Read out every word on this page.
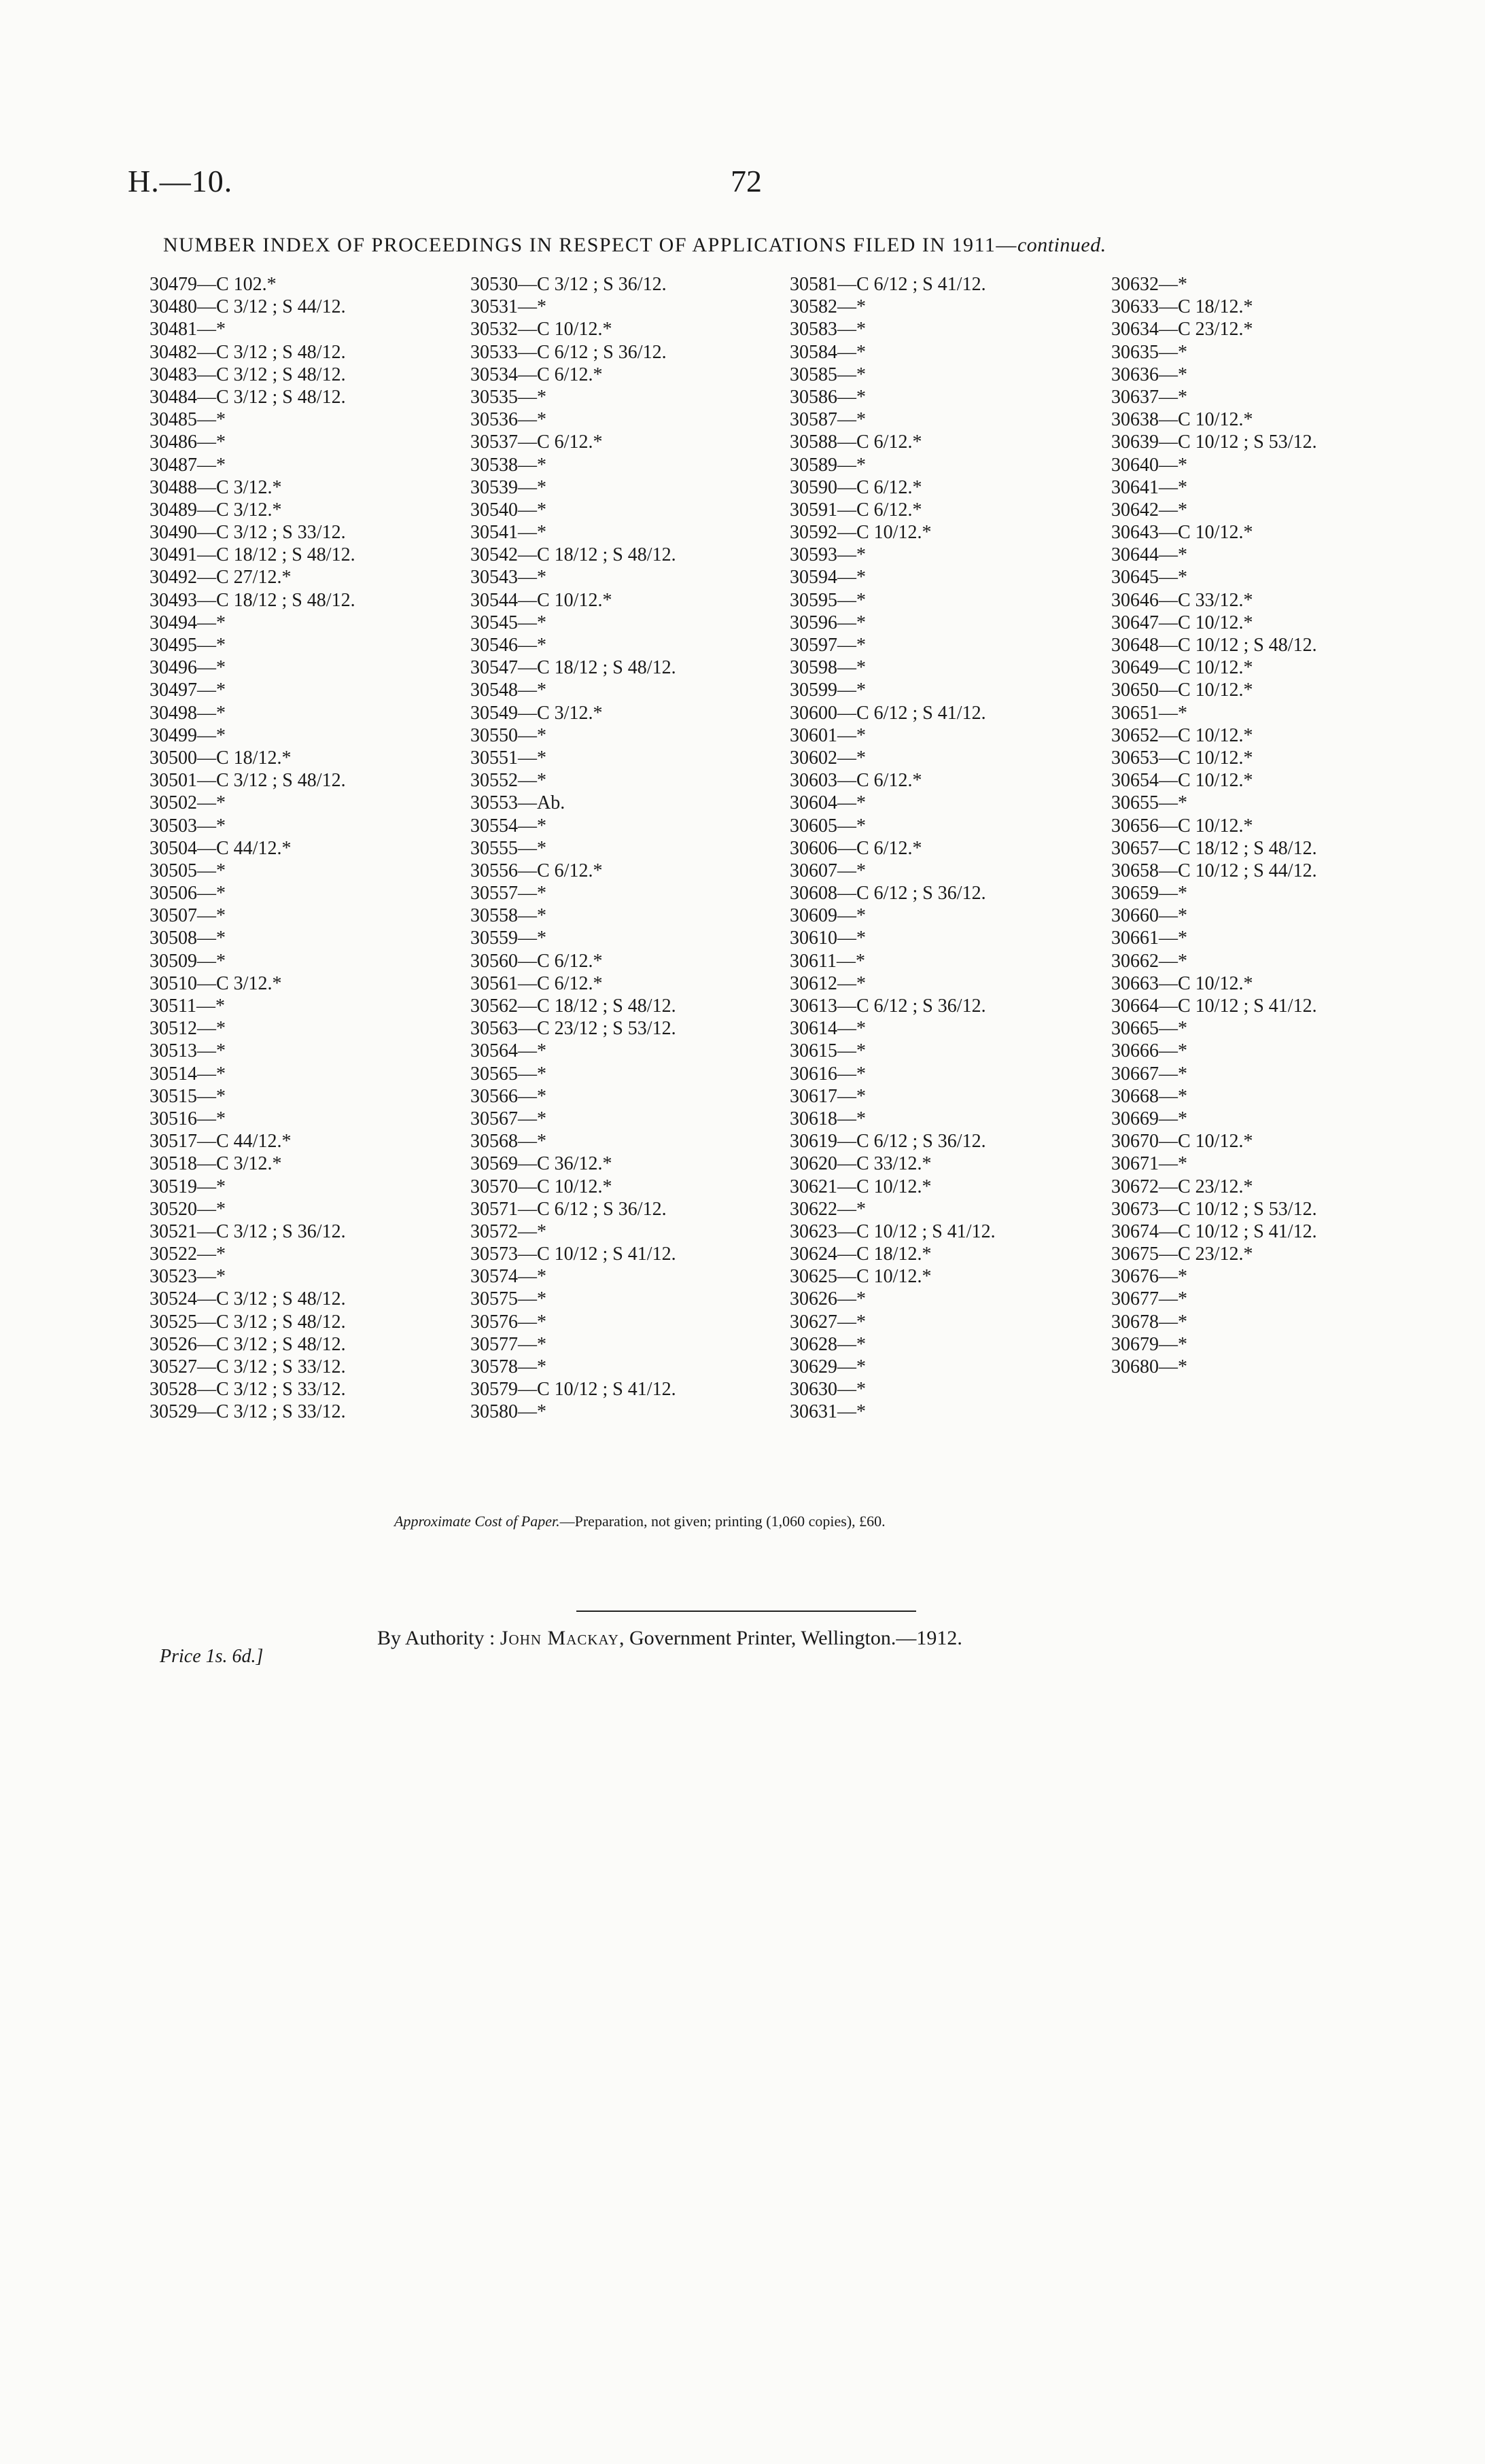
H.—10.	72
NUMBER INDEX OF PROCEEDINGS IN RESPECT OF APPLICATIONS FILED IN 1911—continued.
30479—C 102.*
30480—C 3/12 ; S 44/12.
30481—*
30482—C 3/12 ; S 48/12.
30483—C 3/12 ; S 48/12.
30484—C 3/12 ; S 48/12.
30485—*
30486—*
30487—*
30488—C 3/12.*
30489—C 3/12.*
30490—C 3/12 ; S 33/12.
30491—C 18/12 ; S 48/12.
30492—C 27/12.*
30493—C 18/12 ; S 48/12.
30494—*
30495—*
30496—*
30497—*
30498—*
30499—*
30500—C 18/12.*
30501—C 3/12 ; S 48/12.
30502—*
30503—*
30504—C 44/12.*
30505—*
30506—*
30507—*
30508—*
30509—*
30510—C 3/12.*
30511—*
30512—*
30513—*
30514—*
30515—*
30516—*
30517—C 44/12.*
30518—C 3/12.*
30519—*
30520—*
30521—C 3/12 ; S 36/12.
30522—*
30523—*
30524—C 3/12 ; S 48/12.
30525—C 3/12 ; S 48/12.
30526—C 3/12 ; S 48/12.
30527—C 3/12 ; S 33/12.
30528—C 3/12 ; S 33/12.
30529—C 3/12 ; S 33/12.
30530—C 3/12 ; S 36/12.
30531—*
30532—C 10/12.*
30533—C 6/12 ; S 36/12.
30534—C 6/12.*
30535—*
30536—*
30537—C 6/12.*
30538—*
30539—*
30540—*
30541—*
30542—C 18/12 ; S 48/12.
30543—*
30544—C 10/12.*
30545—*
30546—*
30547—C 18/12 ; S 48/12.
30548—*
30549—C 3/12.*
30550—*
30551—*
30552—*
30553—Ab.
30554—*
30555—*
30556—C 6/12.*
30557—*
30558—*
30559—*
30560—C 6/12.*
30561—C 6/12.*
30562—C 18/12 ; S 48/12.
30563—C 23/12 ; S 53/12.
30564—*
30565—*
30566—*
30567—*
30568—*
30569—C 36/12.*
30570—C 10/12.*
30571—C 6/12 ; S 36/12.
30572—*
30573—C 10/12 ; S 41/12.
30574—*
30575—*
30576—*
30577—*
30578—*
30579—C 10/12 ; S 41/12.
30580—*
30581—C 6/12 ; S 41/12.
30582—*
30583—*
30584—*
30585—*
30586—*
30587—*
30588—C 6/12.*
30589—*
30590—C 6/12.*
30591—C 6/12.*
30592—C 10/12.*
30593—*
30594—*
30595—*
30596—*
30597—*
30598—*
30599—*
30600—C 6/12 ; S 41/12.
30601—*
30602—*
30603—C 6/12.*
30604—*
30605—*
30606—C 6/12.*
30607—*
30608—C 6/12 ; S 36/12.
30609—*
30610—*
30611—*
30612—*
30613—C 6/12 ; S 36/12.
30614—*
30615—*
30616—*
30617—*
30618—*
30619—C 6/12 ; S 36/12.
30620—C 33/12.*
30621—C 10/12.*
30622—*
30623—C 10/12 ; S 41/12.
30624—C 18/12.*
30625—C 10/12.*
30626—*
30627—*
30628—*
30629—*
30630—*
30631—*
30632—*
30633—C 18/12.*
30634—C 23/12.*
30635—*
30636—*
30637—*
30638—C 10/12.*
30639—C 10/12 ; S 53/12.
30640—*
30641—*
30642—*
30643—C 10/12.*
30644—*
30645—*
30646—C 33/12.*
30647—C 10/12.*
30648—C 10/12 ; S 48/12.
30649—C 10/12.*
30650—C 10/12.*
30651—*
30652—C 10/12.*
30653—C 10/12.*
30654—C 10/12.*
30655—*
30656—C 10/12.*
30657—C 18/12 ; S 48/12.
30658—C 10/12 ; S 44/12.
30659—*
30660—*
30661—*
30662—*
30663—C 10/12.*
30664—C 10/12 ; S 41/12.
30665—*
30666—*
30667—*
30668—*
30669—*
30670—C 10/12.*
30671—*
30672—C 23/12.*
30673—C 10/12 ; S 53/12.
30674—C 10/12 ; S 41/12.
30675—C 23/12.*
30676—*
30677—*
30678—*
30679—*
30680—*
Approximate Cost of Paper.—Preparation, not given; printing (1,060 copies), £60.
By Authority : John Mackay, Government Printer, Wellington.—1912.
Price 1s. 6d.]
